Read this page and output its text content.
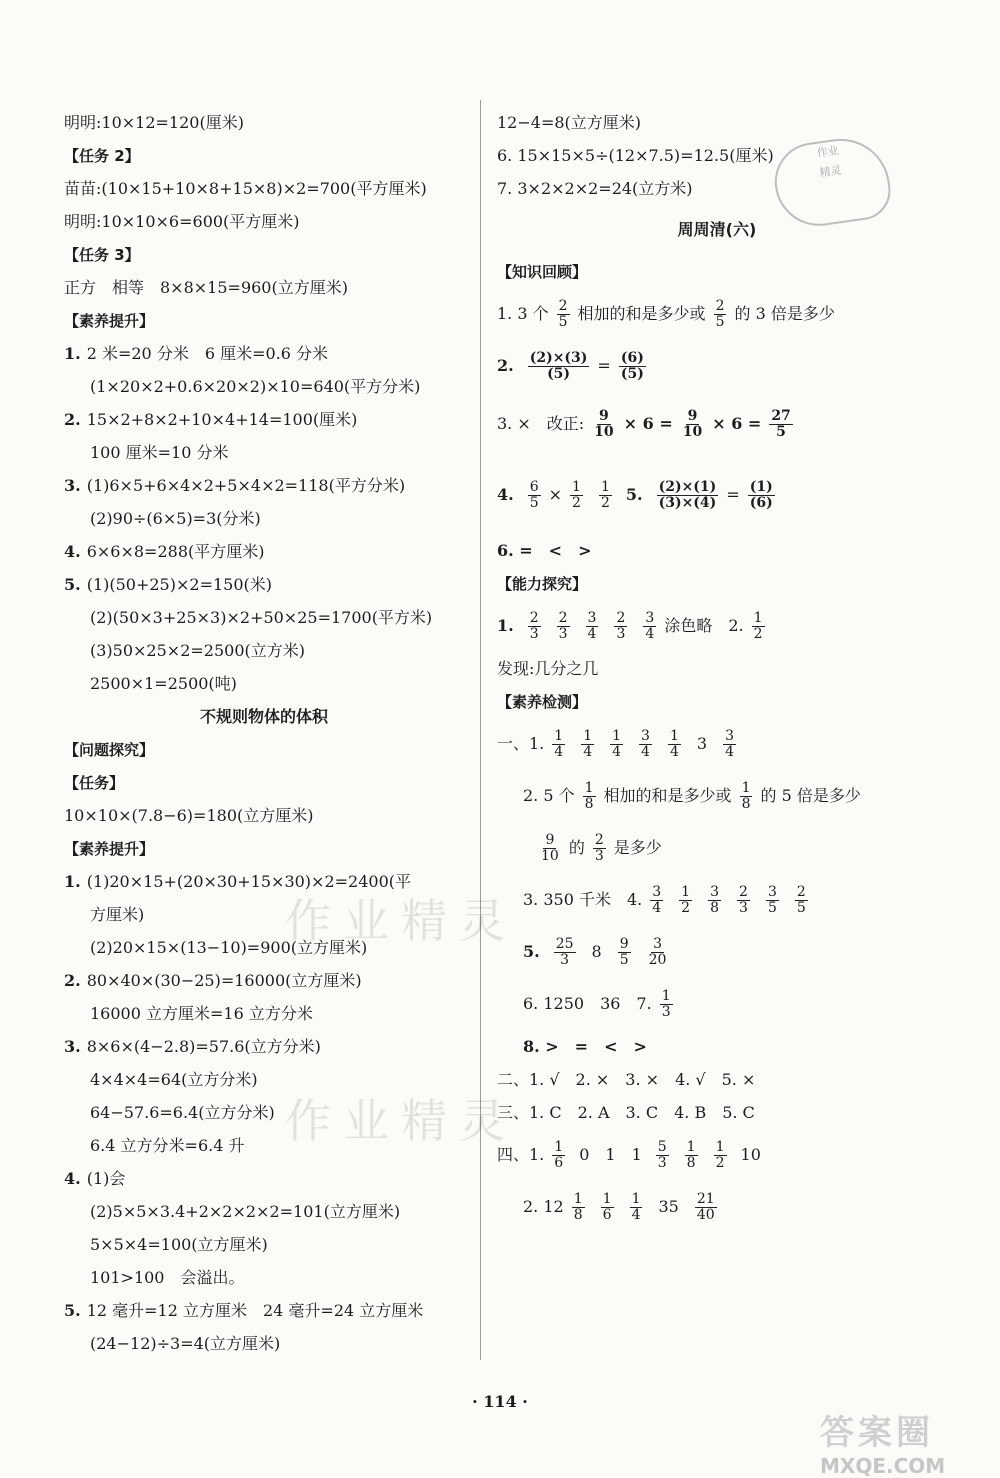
明明:10×12=120(厘米)
【任务 2】
苗苗:(10×15+10×8+15×8)×2=700(平方厘米)
明明:10×10×6=600(平方厘米)
【任务 3】
正方　相等　8×8×15=960(立方厘米)
【素养提升】
1. 2 米=20 分米　6 厘米=0.6 分米
(1×20×2+0.6×20×2)×10=640(平方分米)
2. 15×2+8×2+10×4+14=100(厘米)
100 厘米=10 分米
3. (1)6×5+6×4×2+5×4×2=118(平方分米)
(2)90÷(6×5)=3(分米)
4. 6×6×8=288(平方厘米)
5. (1)(50+25)×2=150(米)
(2)(50×3+25×3)×2+50×25=1700(平方米)
(3)50×25×2=2500(立方米)
2500×1=2500(吨)
不规则物体的体积
【问题探究】
【任务】
10×10×(7.8−6)=180(立方厘米)
【素养提升】
1. (1)20×15+(20×30+15×30)×2=2400(平
方厘米)
(2)20×15×(13−10)=900(立方厘米)
2. 80×40×(30−25)=16000(立方厘米)
16000 立方厘米=16 立方分米
3. 8×6×(4−2.8)=57.6(立方分米)
4×4×4=64(立方分米)
64−57.6=6.4(立方分米)
6.4 立方分米=6.4 升
4. (1)会
(2)5×5×3.4+2×2×2×2=101(立方厘米)
5×5×4=100(立方厘米)
101>100　会溢出。
5. 12 毫升=12 立方厘米　24 毫升=24 立方厘米
(24−12)÷3=4(立方厘米)
12−4=8(立方厘米)
6. 15×15×5÷(12×7.5)=12.5(厘米)
7. 3×2×2×2=24(立方米)
周周清(六)
【知识回顾】
1. 3 个 $\frac{2}{5}$ 相加的和是多少或 $\frac{2}{5}$ 的 3 倍是多少
2. $\frac{(2)\times(3)}{(5)} = \frac{(6)}{(5)}$
3. ×　改正: $\frac{9}{10} \times 6 = \frac{9}{10} \times 6 = \frac{27}{5}$
4. $\frac{6}{5} \times \frac{1}{2} \frac{1}{2} 5$. $\frac{(2)\times(1)}{(3)\times(4)} = \frac{(1)}{(6)}$
6. =　<　>
【能力探究】
1. $\frac{2}{3} \frac{2}{3} \frac{3}{4} \frac{2}{3} \frac{3}{4}$ 涂色略　2. $\frac{1}{2}$
发现:几分之几
【素养检测】
一、1. $\frac{1}{4} \frac{1}{4} \frac{1}{4} \frac{3}{4} \frac{1}{4} 3 \frac{3}{4}$
2. 5 个 $\frac{1}{8}$ 相加的和是多少或 $\frac{1}{8}$ 的 5 倍是多少
$\frac{9}{10}$ 的 $\frac{2}{3}$ 是多少
3. 350 千米　4. $\frac{3}{4} \frac{1}{2} \frac{3}{8} \frac{2}{3} \frac{3}{5} \frac{2}{5}$
5. $\frac{25}{3} 8 \frac{9}{5} \frac{3}{20}$
6. 1250　36　7. $\frac{1}{3}$
8. >　=　<　>
二、1. √　2. ×　3. ×　4. √　5. ×
三、1. C　2. A　3. C　4. B　5. C
四、1. $\frac{1}{6} 0$　1　$1 \frac{5}{3} \frac{1}{8} \frac{1}{2} 10$
2. $12 \frac{1}{8} \frac{1}{6} \frac{1}{4} 35 \frac{21}{40}$
作业精灵
作业精灵
作业
精灵
· 114 ·
答案圈
MXQE.COM
